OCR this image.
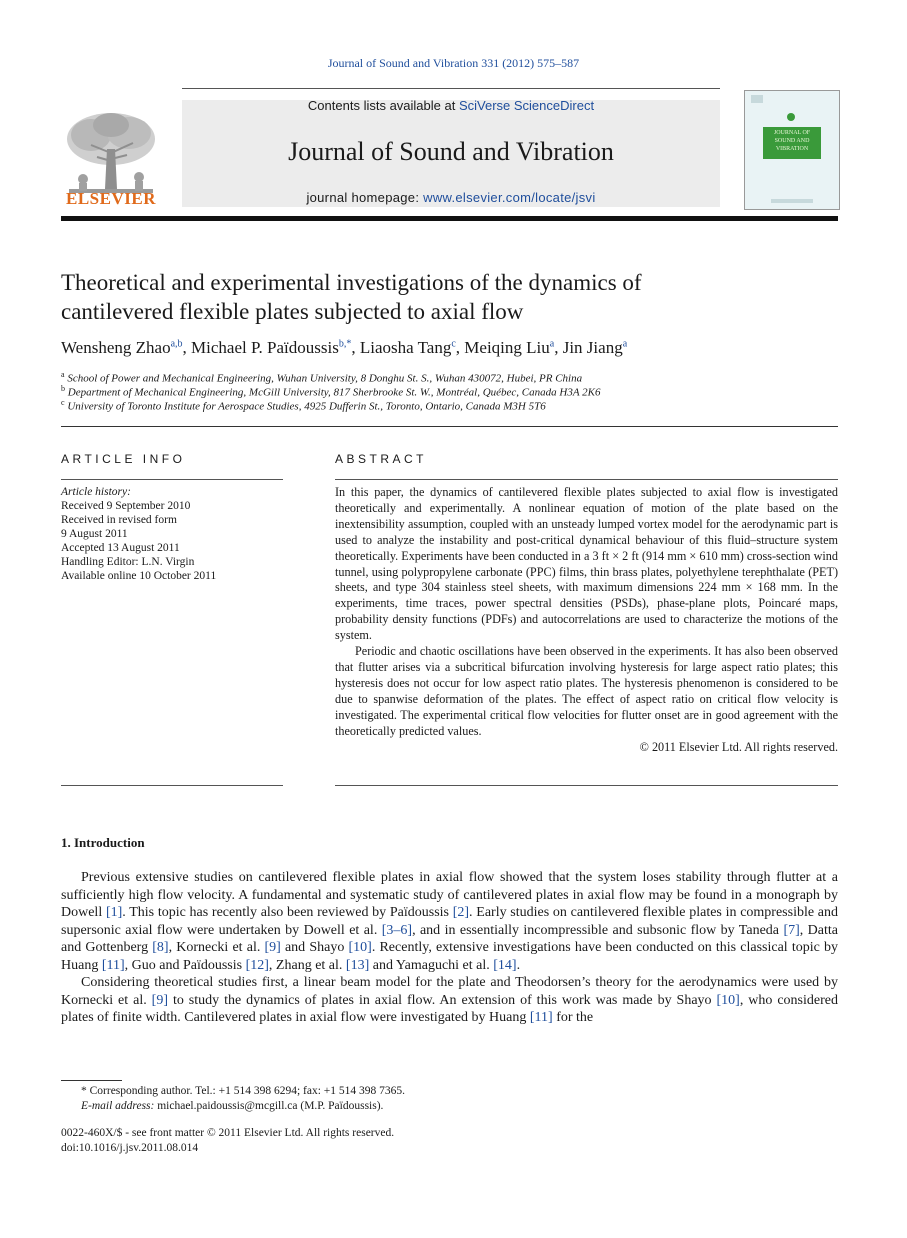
Journal of Sound and Vibration 331 (2012) 575–587
ELSEVIER
Contents lists available at SciVerse ScienceDirect
Journal of Sound and Vibration
journal homepage: www.elsevier.com/locate/jsvi
JOURNAL OF SOUND AND VIBRATION
Theoretical and experimental investigations of the dynamics of
cantilevered flexible plates subjected to axial flow
Wensheng Zhao$^{a,b}$, Michael P. Païdoussis$^{b,*}$, Liaosha Tang$^c$, Meiqing Liu$^a$, Jin Jiang$^a$
$^a$ School of Power and Mechanical Engineering, Wuhan University, 8 Donghu St. S., Wuhan 430072, Hubei, PR China
$^b$ Department of Mechanical Engineering, McGill University, 817 Sherbrooke St. W., Montréal, Québec, Canada H3A 2K6
$^c$ University of Toronto Institute for Aerospace Studies, 4925 Dufferin St., Toronto, Ontario, Canada M3H 5T6
ARTICLE INFO	ABSTRACT
Article history:
Received 9 September 2010
Received in revised form
9 August 2011
Accepted 13 August 2011
Handling Editor: L.N. Virgin
Available online 10 October 2011

In this paper, the dynamics of cantilevered flexible plates subjected to axial flow is investigated theoretically and experimentally. A nonlinear equation of motion of the plate based on the inextensibility assumption, coupled with an unsteady lumped vortex model for the aerodynamic part is used to analyze the instability and post-critical dynamical behaviour of this fluid–structure system theoretically. Experiments have been conducted in a 3 ft × 2 ft (914 mm × 610 mm) cross-section wind tunnel, using polypropylene carbonate (PPC) films, thin brass plates, polyethylene terephthalate (PET) sheets, and type 304 stainless steel sheets, with maximum dimensions 224 mm × 168 mm. In the experiments, time traces, power spectral densities (PSDs), phase-plane plots, Poincaré maps, probability density functions (PDFs) and autocorrelations are used to characterize the motions of the system.

Periodic and chaotic oscillations have been observed in the experiments. It has also been observed that flutter arises via a subcritical bifurcation involving hysteresis for large aspect ratio plates; this hysteresis does not occur for low aspect ratio plates. The hysteresis phenomenon is considered to be due to spanwise deformation of the plates. The effect of aspect ratio on critical flow velocity is investigated. The experimental critical flow velocities for flutter onset are in good agreement with the theoretically predicted values.

© 2011 Elsevier Ltd. All rights reserved.

1. Introduction

Previous extensive studies on cantilevered flexible plates in axial flow showed that the system loses stability through flutter at a sufficiently high flow velocity. A fundamental and systematic study of cantilevered plates in axial flow may be found in a monograph by Dowell [1]. This topic has recently also been reviewed by Païdoussis [2]. Early studies on cantilevered flexible plates in compressible and supersonic axial flow were undertaken by Dowell et al. [3–6], and in essentially incompressible and subsonic flow by Taneda [7], Datta and Gottenberg [8], Kornecki et al. [9] and Shayo [10]. Recently, extensive investigations have been conducted on this classical topic by Huang [11], Guo and Païdoussis [12], Zhang et al. [13] and Yamaguchi et al. [14].

Considering theoretical studies first, a linear beam model for the plate and Theodorsen’s theory for the aerodynamics were used by Kornecki et al. [9] to study the dynamics of plates in axial flow. An extension of this work was made by Shayo [10], who considered plates of finite width. Cantilevered plates in axial flow were investigated by Huang [11] for the

* Corresponding author. Tel.: +1 514 398 6294; fax: +1 514 398 7365.
E-mail address: michael.paidoussis@mcgill.ca (M.P. Païdoussis).
0022-460X/$ - see front matter © 2011 Elsevier Ltd. All rights reserved.
doi:10.1016/j.jsv.2011.08.014
